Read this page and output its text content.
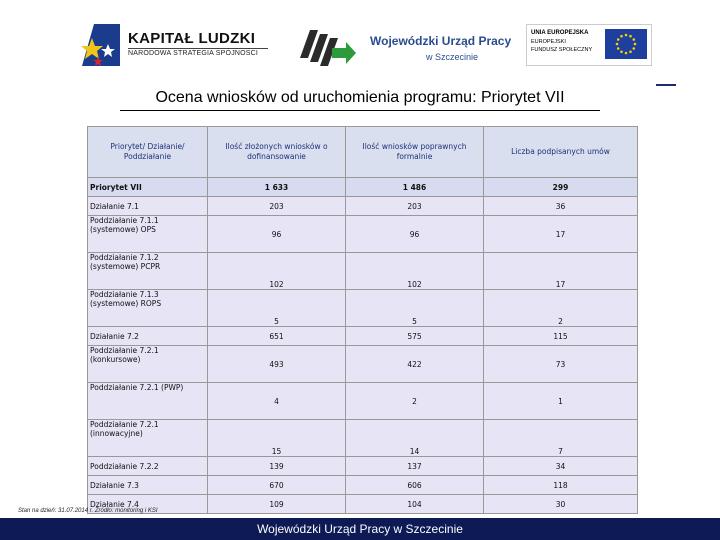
KAPITAŁ LUDZKI
NARODOWA STRATEGIA SPÓJNOŚCI
Wojewódzki Urząd Pracy
w Szczecinie
UNIA EUROPEJSKA
EUROPEJSKI
FUNDUSZ SPOŁECZNY
Ocena wniosków od uruchomienia programu: Priorytet VII
Priorytet/ Działanie/ Poddziałanie	Ilość złożonych wniosków o dofinansowanie	Ilość wniosków poprawnych formalnie	Liczba podpisanych umów
Priorytet VII	1 633	1 486	299
Działanie 7.1	203	203	36
Poddziałanie 7.1.1 (systemowe) OPS	96	96	17
Poddziałanie 7.1.2 (systemowe) PCPR	102	102	17
Poddziałanie 7.1.3 (systemowe) ROPS	5	5	2
Działanie 7.2	651	575	115
Poddziałanie 7.2.1 (konkursowe)	493	422	73
Poddziałanie 7.2.1 (PWP)	4	2	1
Poddziałanie 7.2.1 (innowacyjne)	15	14	7
Poddziałanie 7.2.2	139	137	34
Działanie 7.3	670	606	118
Działanie 7.4	109	104	30
Stan na dzień: 31.07.2014 r. Źródło: monitoring i KSI
Wojewódzki Urząd Pracy w Szczecinie
